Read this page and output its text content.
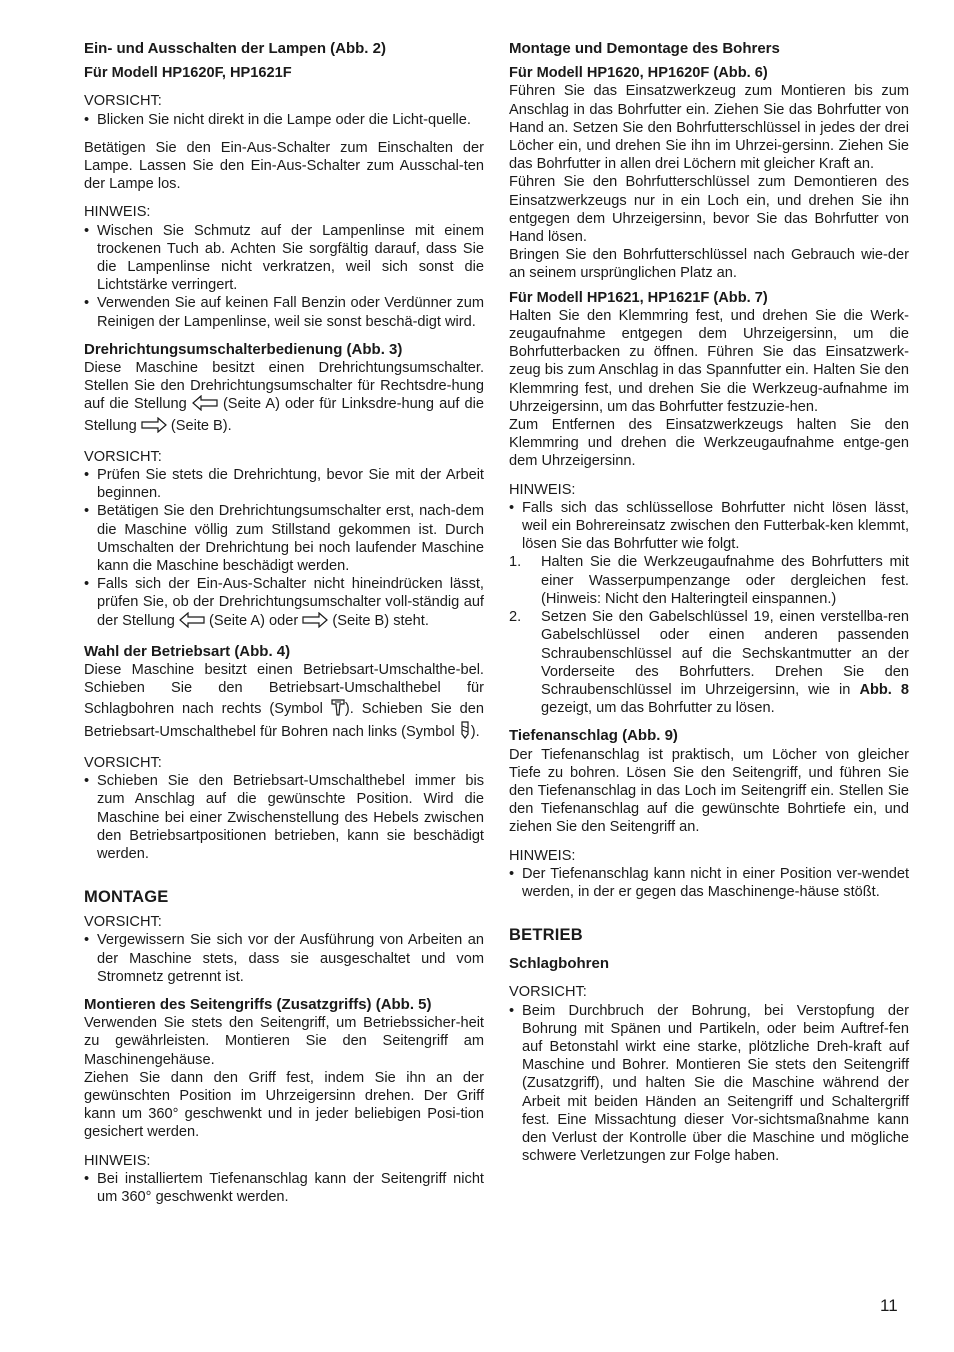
Ein- und Ausschalten der Lampen (Abb. 2)

Für Modell HP1620F, HP1621F

VORSICHT:

• Blicken Sie nicht direkt in die Lampe oder die Licht-quelle.

Betätigen Sie den Ein-Aus-Schalter zum Einschalten der Lampe. Lassen Sie den Ein-Aus-Schalter zum Ausschal-ten der Lampe los.

HINWEIS:

• Wischen Sie Schmutz auf der Lampenlinse mit einem trockenen Tuch ab. Achten Sie sorgfältig darauf, dass Sie die Lampenlinse nicht verkratzen, weil sich sonst die Lichtstärke verringert.
• Verwenden Sie auf keinen Fall Benzin oder Verdünner zum Reinigen der Lampenlinse, weil sie sonst beschä-digt wird.
Drehrichtungsumschalterbedienung (Abb. 3)

Diese Maschine besitzt einen Drehrichtungsumschalter. Stellen Sie den Drehrichtungsumschalter für Rechtsdre-hung auf die Stellung (Seite A) oder für Linksdre-hung auf die Stellung (Seite B).

VORSICHT:

• Prüfen Sie stets die Drehrichtung, bevor Sie mit der Arbeit beginnen.
• Betätigen Sie den Drehrichtungsumschalter erst, nach-dem die Maschine völlig zum Stillstand gekommen ist. Durch Umschalten der Drehrichtung bei noch laufender Maschine kann die Maschine beschädigt werden.
• Falls sich der Ein-Aus-Schalter nicht hineindrücken lässt, prüfen Sie, ob der Drehrichtungsumschalter voll-ständig auf der Stellung (Seite A) oder (Seite B) steht.
Wahl der Betriebsart (Abb. 4)

Diese Maschine besitzt einen Betriebsart-Umschalthe-bel. Schieben Sie den Betriebsart-Umschalthebel für Schlagbohren nach rechts (Symbol ). Schieben Sie den Betriebsart-Umschalthebel für Bohren nach links (Symbol ).

VORSICHT:

• Schieben Sie den Betriebsart-Umschalthebel immer bis zum Anschlag auf die gewünschte Position. Wird die Maschine bei einer Zwischenstellung des Hebels zwischen den Betriebsartpositionen betrieben, kann sie beschädigt werden.
MONTAGE

VORSICHT:

• Vergewissern Sie sich vor der Ausführung von Arbeiten an der Maschine stets, dass sie ausgeschaltet und vom Stromnetz getrennt ist.
Montieren des Seitengriffs (Zusatzgriffs) (Abb. 5)

Verwenden Sie stets den Seitengriff, um Betriebssicher-heit zu gewährleisten. Montieren Sie den Seitengriff am Maschinengehäuse.

Ziehen Sie dann den Griff fest, indem Sie ihn an der gewünschten Position im Uhrzeigersinn drehen. Der Griff kann um 360° geschwenkt und in jeder beliebigen Posi-tion gesichert werden.

HINWEIS:

• Bei installiertem Tiefenanschlag kann der Seitengriff nicht um 360° geschwenkt werden.
Montage und Demontage des Bohrers

Für Modell HP1620, HP1620F (Abb. 6)

Führen Sie das Einsatzwerkzeug zum Montieren bis zum Anschlag in das Bohrfutter ein. Ziehen Sie das Bohrfutter von Hand an. Setzen Sie den Bohrfutterschlüssel in jedes der drei Löcher ein, und drehen Sie ihn im Uhrzei-gersinn. Ziehen Sie das Bohrfutter in allen drei Löchern mit gleicher Kraft an.

Führen Sie den Bohrfutterschlüssel zum Demontieren des Einsatzwerkzeugs nur in ein Loch ein, und drehen Sie ihn entgegen dem Uhrzeigersinn, bevor Sie das Bohrfutter von Hand lösen.

Bringen Sie den Bohrfutterschlüssel nach Gebrauch wie-der an seinem ursprünglichen Platz an.

Für Modell HP1621, HP1621F (Abb. 7)

Halten Sie den Klemmring fest, und drehen Sie die Werk-zeugaufnahme entgegen dem Uhrzeigersinn, um die Bohrfutterbacken zu öffnen. Führen Sie das Einsatzwerk-zeug bis zum Anschlag in das Spannfutter ein. Halten Sie den Klemmring fest, und drehen Sie die Werkzeug-aufnahme im Uhrzeigersinn, um das Bohrfutter festzuzie-hen.

Zum Entfernen des Einsatzwerkzeugs halten Sie den Klemmring und drehen die Werkzeugaufnahme entge-gen dem Uhrzeigersinn.

HINWEIS:

• Falls sich das schlüssellose Bohrfutter nicht lösen lässt, weil ein Bohrereinsatz zwischen den Futterbak-ken klemmt, lösen Sie das Bohrfutter wie folgt.
1. Halten Sie die Werkzeugaufnahme des Bohrfutters mit einer Wasserpumpenzange oder dergleichen fest. (Hinweis: Nicht den Halteringteil einspannen.)
2. Setzen Sie den Gabelschlüssel 19, einen verstellba-ren Gabelschlüssel oder einen anderen passenden Schraubenschlüssel auf die Sechskantmutter an der Vorderseite des Bohrfutters. Drehen Sie den Schraubenschlüssel im Uhrzeigersinn, wie in Abb. 8 gezeigt, um das Bohrfutter zu lösen.
Tiefenanschlag (Abb. 9)

Der Tiefenanschlag ist praktisch, um Löcher von gleicher Tiefe zu bohren. Lösen Sie den Seitengriff, und führen Sie den Tiefenanschlag in das Loch im Seitengriff ein. Stellen Sie den Tiefenanschlag auf die gewünschte Bohrtiefe ein, und ziehen Sie den Seitengriff an.

HINWEIS:

• Der Tiefenanschlag kann nicht in einer Position ver-wendet werden, in der er gegen das Maschinenge-häuse stößt.
BETRIEB
Schlagbohren

VORSICHT:

• Beim Durchbruch der Bohrung, bei Verstopfung der Bohrung mit Spänen und Partikeln, oder beim Auftref-fen auf Betonstahl wirkt eine starke, plötzliche Dreh-kraft auf Maschine und Bohrer. Montieren Sie stets den Seitengriff (Zusatzgriff), und halten Sie die Maschine während der Arbeit mit beiden Händen an Seitengriff und Schaltergriff fest. Eine Missachtung dieser Vor-sichtsmaßnahme kann den Verlust der Kontrolle über die Maschine und mögliche schwere Verletzungen zur Folge haben.
11
